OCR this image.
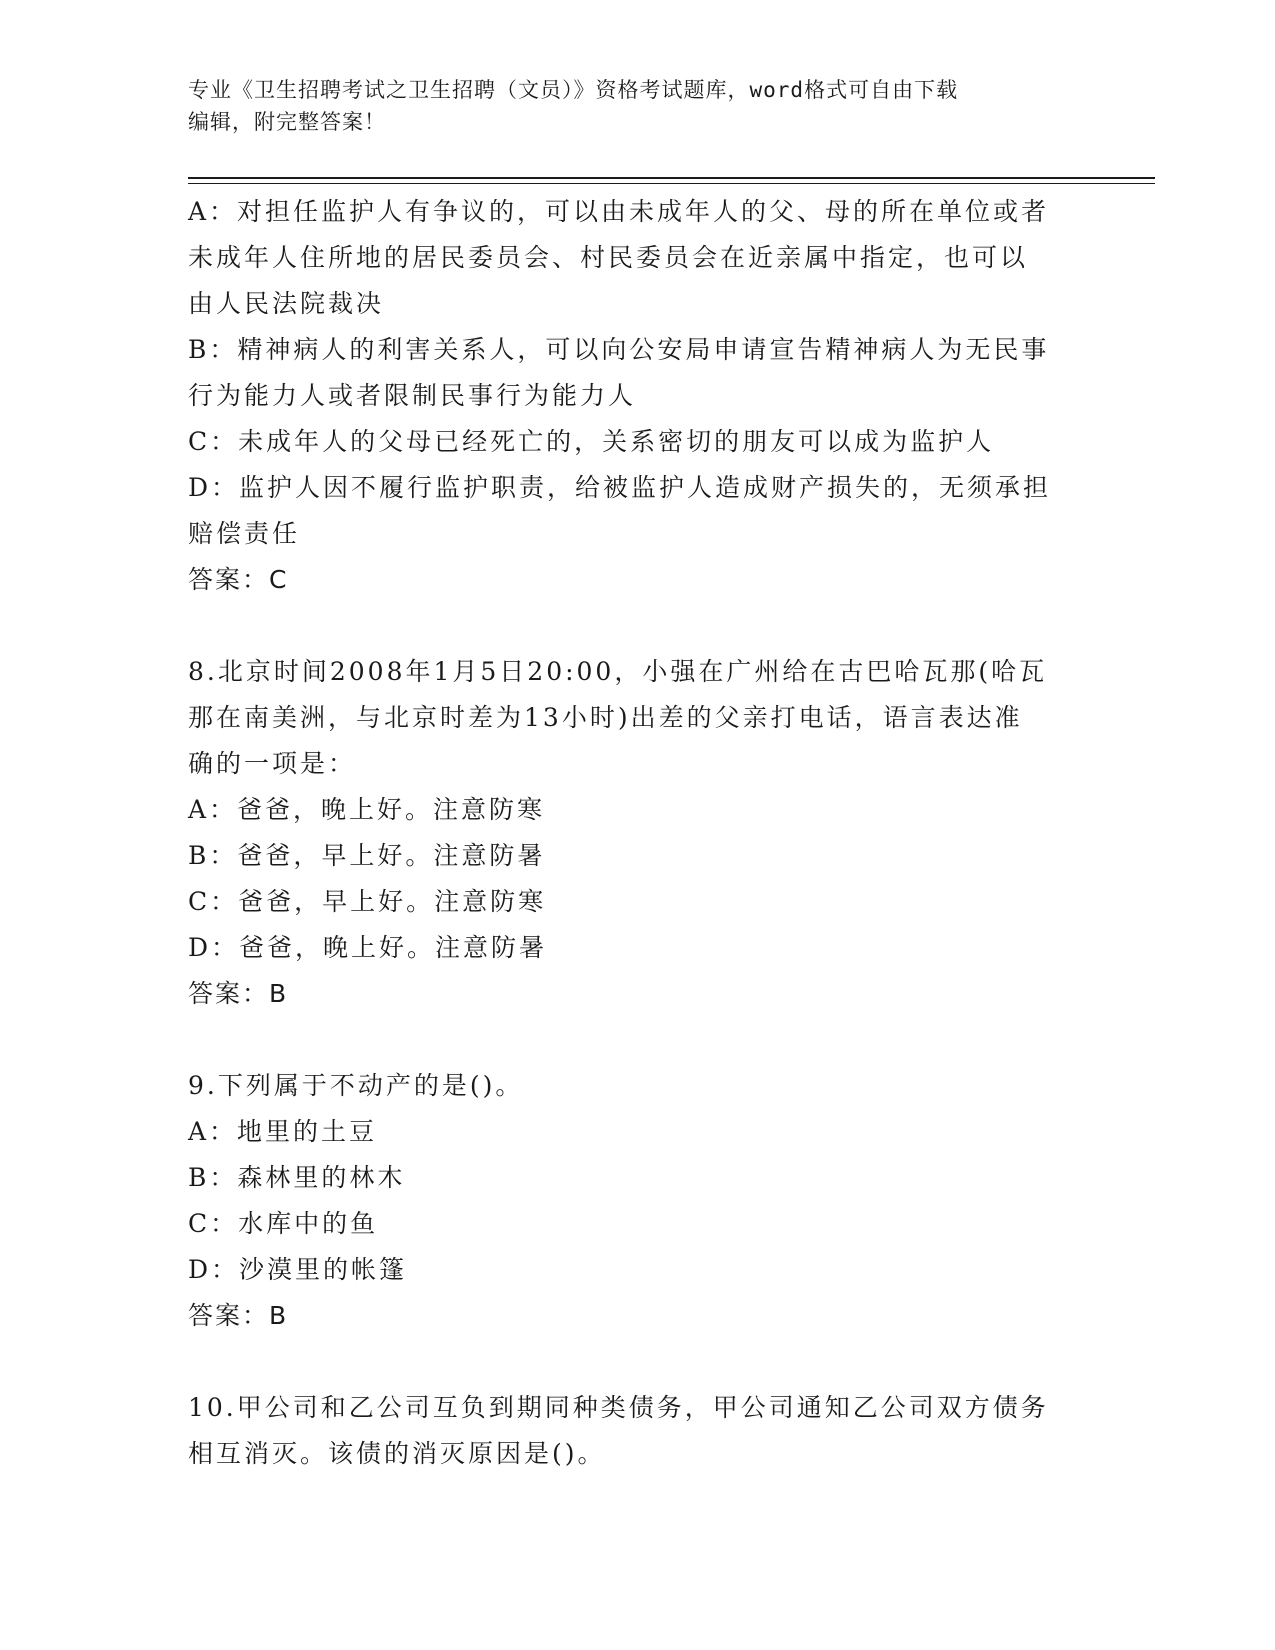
专业《卫生招聘考试之卫生招聘（文员）》资格考试题库，word格式可自由下载
编辑，附完整答案！
A：对担任监护人有争议的，可以由未成年人的父、母的所在单位或者
未成年人住所地的居民委员会、村民委员会在近亲属中指定，也可以
由人民法院裁决
B：精神病人的利害关系人，可以向公安局申请宣告精神病人为无民事
行为能力人或者限制民事行为能力人
C：未成年人的父母已经死亡的，关系密切的朋友可以成为监护人
D：监护人因不履行监护职责，给被监护人造成财产损失的，无须承担
赔偿责任
答案：C
8.北京时间2008年1月5日20:00，小强在广州给在古巴哈瓦那(哈瓦
那在南美洲，与北京时差为13小时)出差的父亲打电话，语言表达准
确的一项是：
A：爸爸，晚上好。注意防寒
B：爸爸，早上好。注意防暑
C：爸爸，早上好。注意防寒
D：爸爸，晚上好。注意防暑
答案：B
9.下列属于不动产的是()。
A：地里的土豆
B：森林里的林木
C：水库中的鱼
D：沙漠里的帐篷
答案：B
10.甲公司和乙公司互负到期同种类债务，甲公司通知乙公司双方债务
相互消灭。该债的消灭原因是()。
